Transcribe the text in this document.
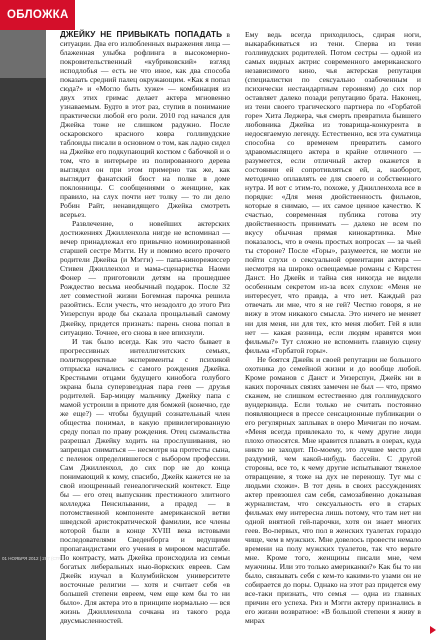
ОБЛОЖКА
01 НОЯБРЯ 2012 | 287 (СТР.)

ДЖЕЙКУ НЕ ПРИВЫКАТЬ ПОПАДАТЬ в ситуации. Два его излюбленных выражения лица — блаженная улыбка рофлинга в высокомерно-покровительственный «кубриковский» взгляд исподлобья — есть не что иное, как два способа показать средний палец окружающим. «Как я попал сюда?» и «Могло быть хуже» — комбинация из двух этих гримас делает актера мгновенно узнаваемым. Будто в этот раз, ступив в понимание практически любой его роли. 2010 год начался для Джейка тоже не слишком радужно. После оскаровского красного ковра голливудские таблоиды писали в основном о том, как ладно сидел на Джейке его подкупающий костюм с бабочкой и о том, что в интерьере из полированного дерева выглядел он при этом примерно так же, как выглядит фанатский бюст на полке в доме поклонницы. С сообщениями о женщине, как правило, на слух почти нет толку — то ли дело Робин Райт, ненавидящего Джейка смотреть всерьез.

Развлечение, о новейших актерских достижениях Джилленхола нигде не вспоминал — вечер принадлежал его привычно номинированной старшей сестре Мэгги. Ну и помимо всего прочего родители Джейка (и Мэгги) — папа-кинорежиссер Стивен Джилленхол и мама-сценаристка Наоми Фонер — приготовили детям на прошедшее Рождество весьма необычный подарок. После 32 лет совместной жизни Богемная парочка решила разойтись. Если учесть, что незадолго до этого Риз Уизерспун вроде бы сказала прощальный самому Джейку, придется признать: парень снова попал в ситуацию. Точнее, его снова в нее впихнули.

И так было всегда. Как это часто бывает в прогрессивных интеллигентских семьях, политкорректные эксперименты с психикой отпрыска начались с самого рождения Джейка. Крестными отцами будущего кинобога голубого экрана была суперзвездная пара геев — друзья родителей. Бар-мицву мальчику Джейку папа с мамой устроили в приюте для бомжей (конечно, где же еще?) — чтобы будущий сознательный член общества понимал, в какую привилегированную среду попал по праву рождения. Отец сызмальства разрешал Джейку ходить на прослушивания, но запрещал сниматься — несмотря на протесты сына, с пеленок определившегося с выбором профессии. Сам Джилленхол, до сих пор не до конца понимающий к кому, спасибо, Джейк кажется не за свой изощренный генеалогический контекст. Еще бы — его отец выпускник престижного элитного колледжа Пенсильвании, а прадед — в потомственной компоненте американской ветви шведской аристократической фамилии, все члены которой были в конце XVIII века истовыми последователями Сведенборга и ведущими пропагандистами его учения в мировом масштабе. По контрасту, мать Джейка происходила из семьи богатых либеральных нью-йоркских евреев. Сам Джейк изучал в Колумбийском университете восточные религии — хотя и считает себя «в большей степени евреем, чем еще кем бы то ни было». Для актера это в принципе нормально — вся жизнь Джилленхола сочкана из такого рода двусмысленностей.

Ему ведь всегда приходилось, сдирая ноги, выкарабкиваться из тени. Сперва из тени голливудских родителей. Потом сестры — одной из самых видных актрис современного американского независимого кино, чья актерская репутация (специалистки по сексуально озабоченным и психически нестандартным героиням) до сих пор оставляет далеко позади репутацию брата. Наконец, из тени своего трагического партнера по «Горбатой горе» Хита Леджера, чья смерть превратила бывшего любовника Джейка из товарища-конкурента в недосягаемую легенду. Естественно, вся эта суматица способна со временем превратить самого здравомыслящего актера в крайне отличного — разумеется, если отличный актер окажется в состоянии ей сопротивляться ей, а, наоборот, методично оплавлять ее для своего и собственного нутра. И вот с этим-то, похоже, у Джилленхола все в порядке: «Для меня двойственность фильмов, которые я снимаю, — их самое ценное качество. К счастью, современная публика готова эту двойственность принимать — далеко не всем по вкусу обычная прямая кинокартинка. Мне показалось, что в очень простых вопросах — за чьей ты стороне? После «Горы», разумеется, не могли не пойти слухи о сексуальной ориентации актера — несмотря на широко освещаемые романы с Кирстен Данст. Но Джейк и тайна сия никогда не видели особенным секретом из-за всех слухов: «Меня не интересует, что правда, а что нет. Каждый раз отвечать ли мне, что я не гей? Честно говоря, я не вижу в этом никакого смысла. Это ничего не меняет ни для меня, ни для тех, кто меня любит. Гей я или нет — какая разница, если людям нравятся мои фильмы?» Тут сложно не вспомнить главную сцену фильма «Горбатой горы».

Не боятся Джейк и своей репутации не большого охотника до семейной жизни и до вообще любой. Кроме романов с Данст и Уизерспун, Джейк ни в каких порочных связях замечен не был — что, прямо скажем, не слишком естественно для голливудского вундеркинда. Если только не считать постоянно появляющиеся в прессе сенсационные публикации о его регулярных заплывах в озеро Мичиган по ночам. «Меня всегда привлекало то, к чему другие люди плохо относятся. Мне нравится плавать в озерах, куда никто не заходит. По-моему, это лучшее место для раздумий, чем какой-нибудь бассейн. С другой стороны, все то, к чему другие испытывают тяжелое отвращение, я тоже на дух не переношу. Тут мы с людьми схожи». В тот день в своих рассуждениях актер превзошел сам себя, самозабвенно доказывая журналистам, что сексуальность его в старых фильмах ему интересна лишь потому, что там нет ни одной внятной гей-парочки, хотя он знает многих геев. Во-первых, что пол в женских туалетах гораздо чище, чем в мужских. Мне довелось провести немало времени на полу мужских туалетов, так что верьте мне. Кроме того, женщины писали мне, чем мужчины. Или это только американки?» Как бы то ни было, связывать себя с кем-то какими-то узами он не собирается до поры. Однако на этот раз придется ему все-таки признать, что семья — одна из главных причин его успеха. Риз и Мэгги актеру признались в его жизни возвратное: «В большой степени я живу в мирах
